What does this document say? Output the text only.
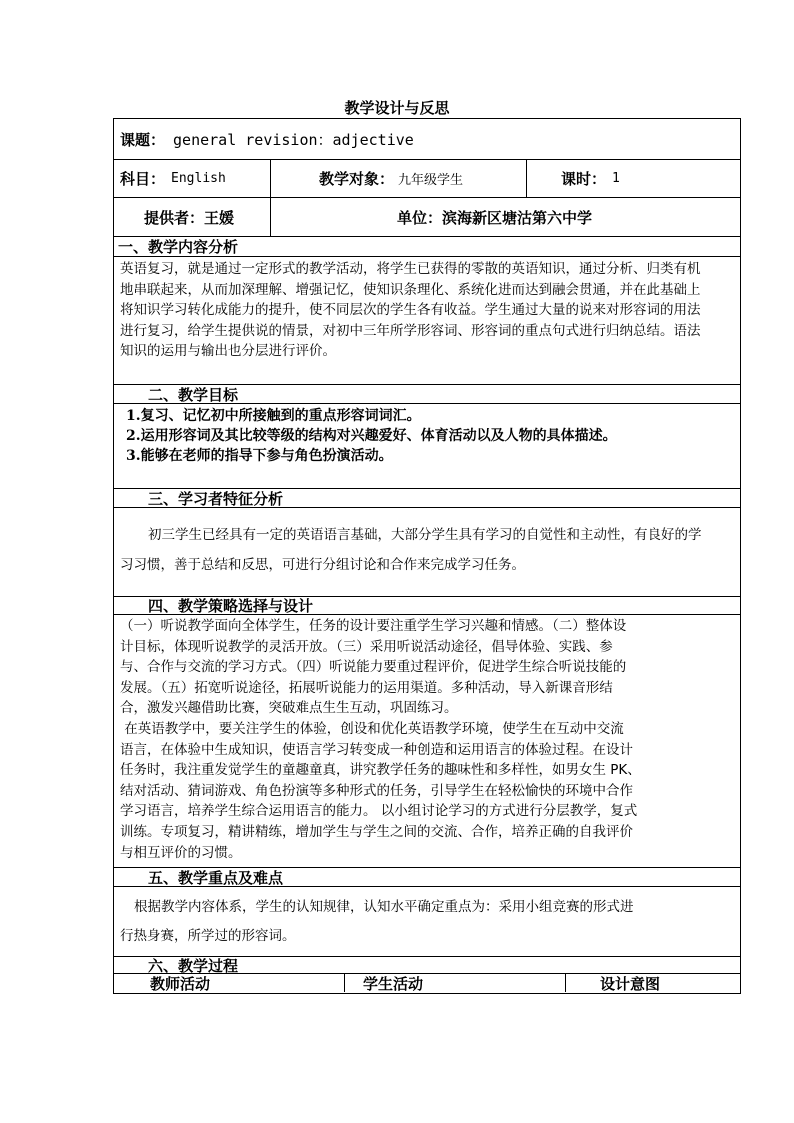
教学设计与反思
课题： general revision：adjective
科目： English	教学对象： 九年级学生	课时： 1
提供者： 王媛	单位： 滨海新区塘沽第六中学
一、教学内容分析

英语复习，就是通过一定形式的教学活动，将学生已获得的零散的英语知识，通过分析、归类有机

地串联起来，从而加深理解、增强记忆，使知识条理化、系统化进而达到融会贯通，并在此基础上

将知识学习转化成能力的提升，使不同层次的学生各有收益。学生通过大量的说来对形容词的用法

进行复习，给学生提供说的情景，对初中三年所学形容词、形容词的重点句式进行归纳总结。语法

知识的运用与输出也分层进行评价。

二、教学目标
1.复习、记忆初中所接触到的重点形容词词汇。
2.运用形容词及其比较等级的结构对兴趣爱好、体育活动以及人物的具体描述。
3.能够在老师的指导下参与角色扮演活动。
三、学习者特征分析

初三学生已经具有一定的英语语言基础，大部分学生具有学习的自觉性和主动性，有良好的学

习习惯，善于总结和反思，可进行分组讨论和合作来完成学习任务。

四、教学策略选择与设计

（一）听说教学面向全体学生，任务的设计要注重学生学习兴趣和情感。（二）整体设

计目标，体现听说教学的灵活开放。（三）采用听说活动途径，倡导体验、实践、参

与、合作与交流的学习方式。（四）听说能力要重过程评价，促进学生综合听说技能的

发展。（五）拓宽听说途径，拓展听说能力的运用渠道。多种活动，导入新课音形结

合，激发兴趣借助比赛，突破难点生生互动，巩固练习。

在英语教学中，要关注学生的体验，创设和优化英语教学环境，使学生在互动中交流

语言，在体验中生成知识，使语言学习转变成一种创造和运用语言的体验过程。在设计

任务时，我注重发觉学生的童趣童真，讲究教学任务的趣味性和多样性，如男女生 PK、

结对活动、猜词游戏、角色扮演等多种形式的任务，引导学生在轻松愉快的环境中合作

学习语言，培养学生综合运用语言的能力。 以小组讨论学习的方式进行分层教学，复式

训练。专项复习，精讲精练，增加学生与学生之间的交流、合作，培养正确的自我评价

与相互评价的习惯。

五、教学重点及难点

根据教学内容体系，学生的认知规律，认知水平确定重点为：采用小组竞赛的形式进

行热身赛，所学过的形容词。

六、教学过程
教师活动	学生活动	设计意图
